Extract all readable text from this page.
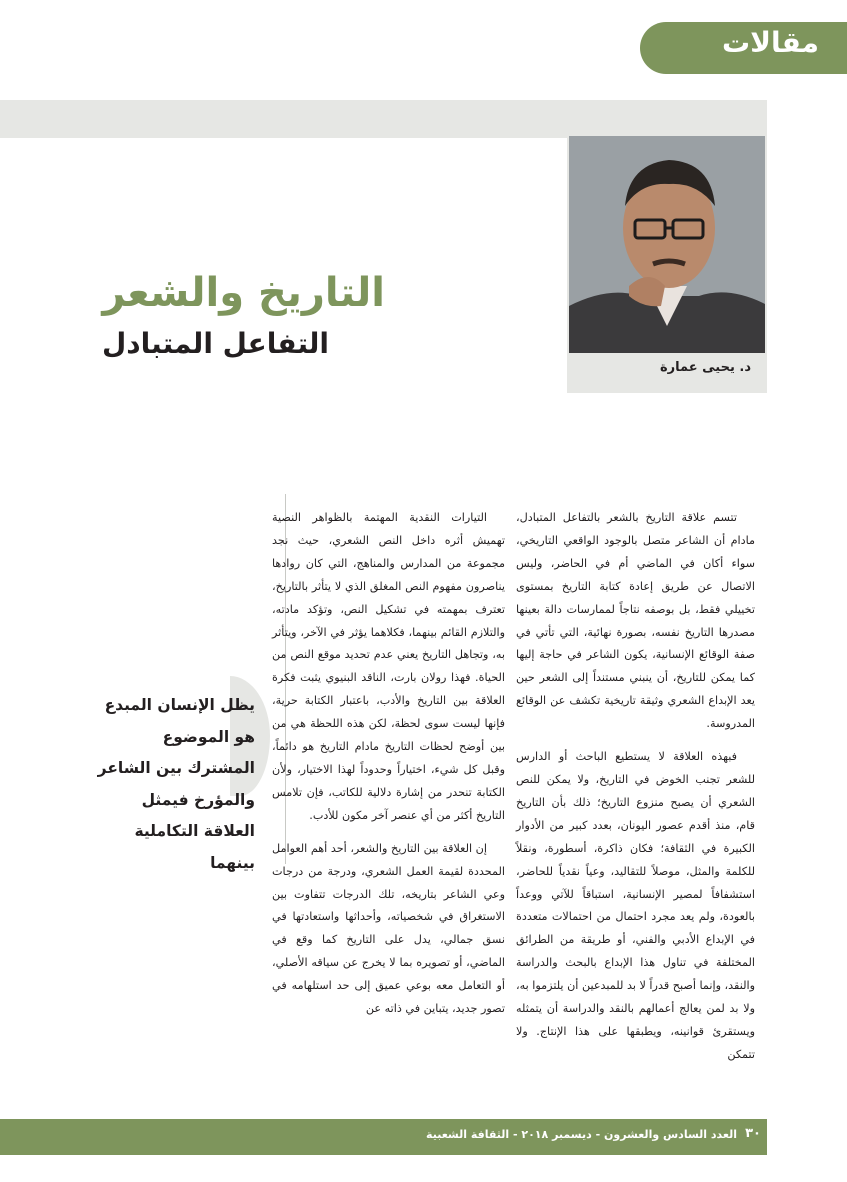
مقالات
د. يحيى عمارة
التاريخ والشعر
التفاعل المتبادل
يظل الإنسان المبدع هو الموضوع المشترك بين الشاعر والمؤرخ فيمثل العلاقة التكاملية بينهما

تتسم علاقة التاريخ بالشعر بالتفاعل المتبادل، مادام أن الشاعر متصل بالوجود الواقعي التاريخي، سواء أكان في الماضي أم في الحاضر، وليس الاتصال عن طريق إعادة كتابة التاريخ بمستوى تخييلي فقط، بل بوصفه نتاجاً لممارسات دالة بعينها مصدرها التاريخ نفسه، بصورة نهائية، التي تأتي في صفة الوقائع الإنسانية، يكون الشاعر في حاجة إليها كما يمكن للتاريخ، أن ينبني مستنداً إلى الشعر حين يعد الإبداع الشعري وثيقة تاريخية تكشف عن الوقائع المدروسة.

فبهذه العلاقة لا يستطيع الباحث أو الدارس للشعر تجنب الخوض في التاريخ، ولا يمكن للنص الشعري أن يصبح منزوع التاريخ؛ ذلك بأن التاريخ قام، منذ أقدم عصور اليونان، بعدد كبير من الأدوار الكبيرة في الثقافة؛ فكان ذاكرة، أسطورة، ونقلاً للكلمة والمثل، موصلاً للتقاليد، وعياً نقدياً للحاضر، استشفافاً لمصير الإنسانية، استباقاً للآتي ووعداً بالعودة، ولم يعد مجرد احتمال من احتمالات متعددة في الإبداع الأدبي والفني، أو طريقة من الطرائق المختلفة في تناول هذا الإبداع بالبحث والدراسة والنقد، وإنما أصبح قدراً لا بد للمبدعين أن يلتزموا به، ولا بد لمن يعالج أعمالهم بالنقد والدراسة أن يتمثله ويستقرئ قوانينه، ويطبقها على هذا الإنتاج. ولا تتمكن

التيارات النقدية المهتمة بالظواهر النصية تهميش أثره داخل النص الشعري، حيث نجد مجموعة من المدارس والمناهج، التي كان روادها يناصرون مفهوم النص المغلق الذي لا يتأثر بالتاريخ، تعترف بمهمته في تشكيل النص، وتؤكد مادته، والتلازم القائم بينهما، فكلاهما يؤثر في الآخر، ويتأثر به، وتجاهل التاريخ يعني عدم تحديد موقع النص من الحياة. فهذا رولان بارت، الناقد البنيوي يثبت فكرة العلاقة بين التاريخ والأدب، باعتبار الكتابة حرية، فإنها ليست سوى لحظة، لكن هذه اللحظة هي من بين أوضح لحظات التاريخ مادام التاريخ هو دائماً، وقبل كل شيء، اختياراً وحدوداً لهذا الاختيار، ولأن الكتابة تنحدر من إشارة دلالية للكاتب، فإن تلامس التاريخ أكثر من أي عنصر آخر مكون للأدب.

إن العلاقة بين التاريخ والشعر، أحد أهم العوامل المحددة لقيمة العمل الشعري، ودرجة من درجات وعي الشاعر بتاريخه، تلك الدرجات تتفاوت بين الاستغراق في شخصياته، وأحداثها واستعادتها في نسق جمالي، يدل على التاريخ كما وقع في الماضي، أو تصويره بما لا يخرج عن سياقه الأصلي، أو التعامل معه بوعي عميق إلى حد استلهامه في تصور جديد، يتباين في ذاته عن

العدد السادس والعشرون - ديسمبر ٢٠١٨ - الثقافة الشعبية ٣٠
